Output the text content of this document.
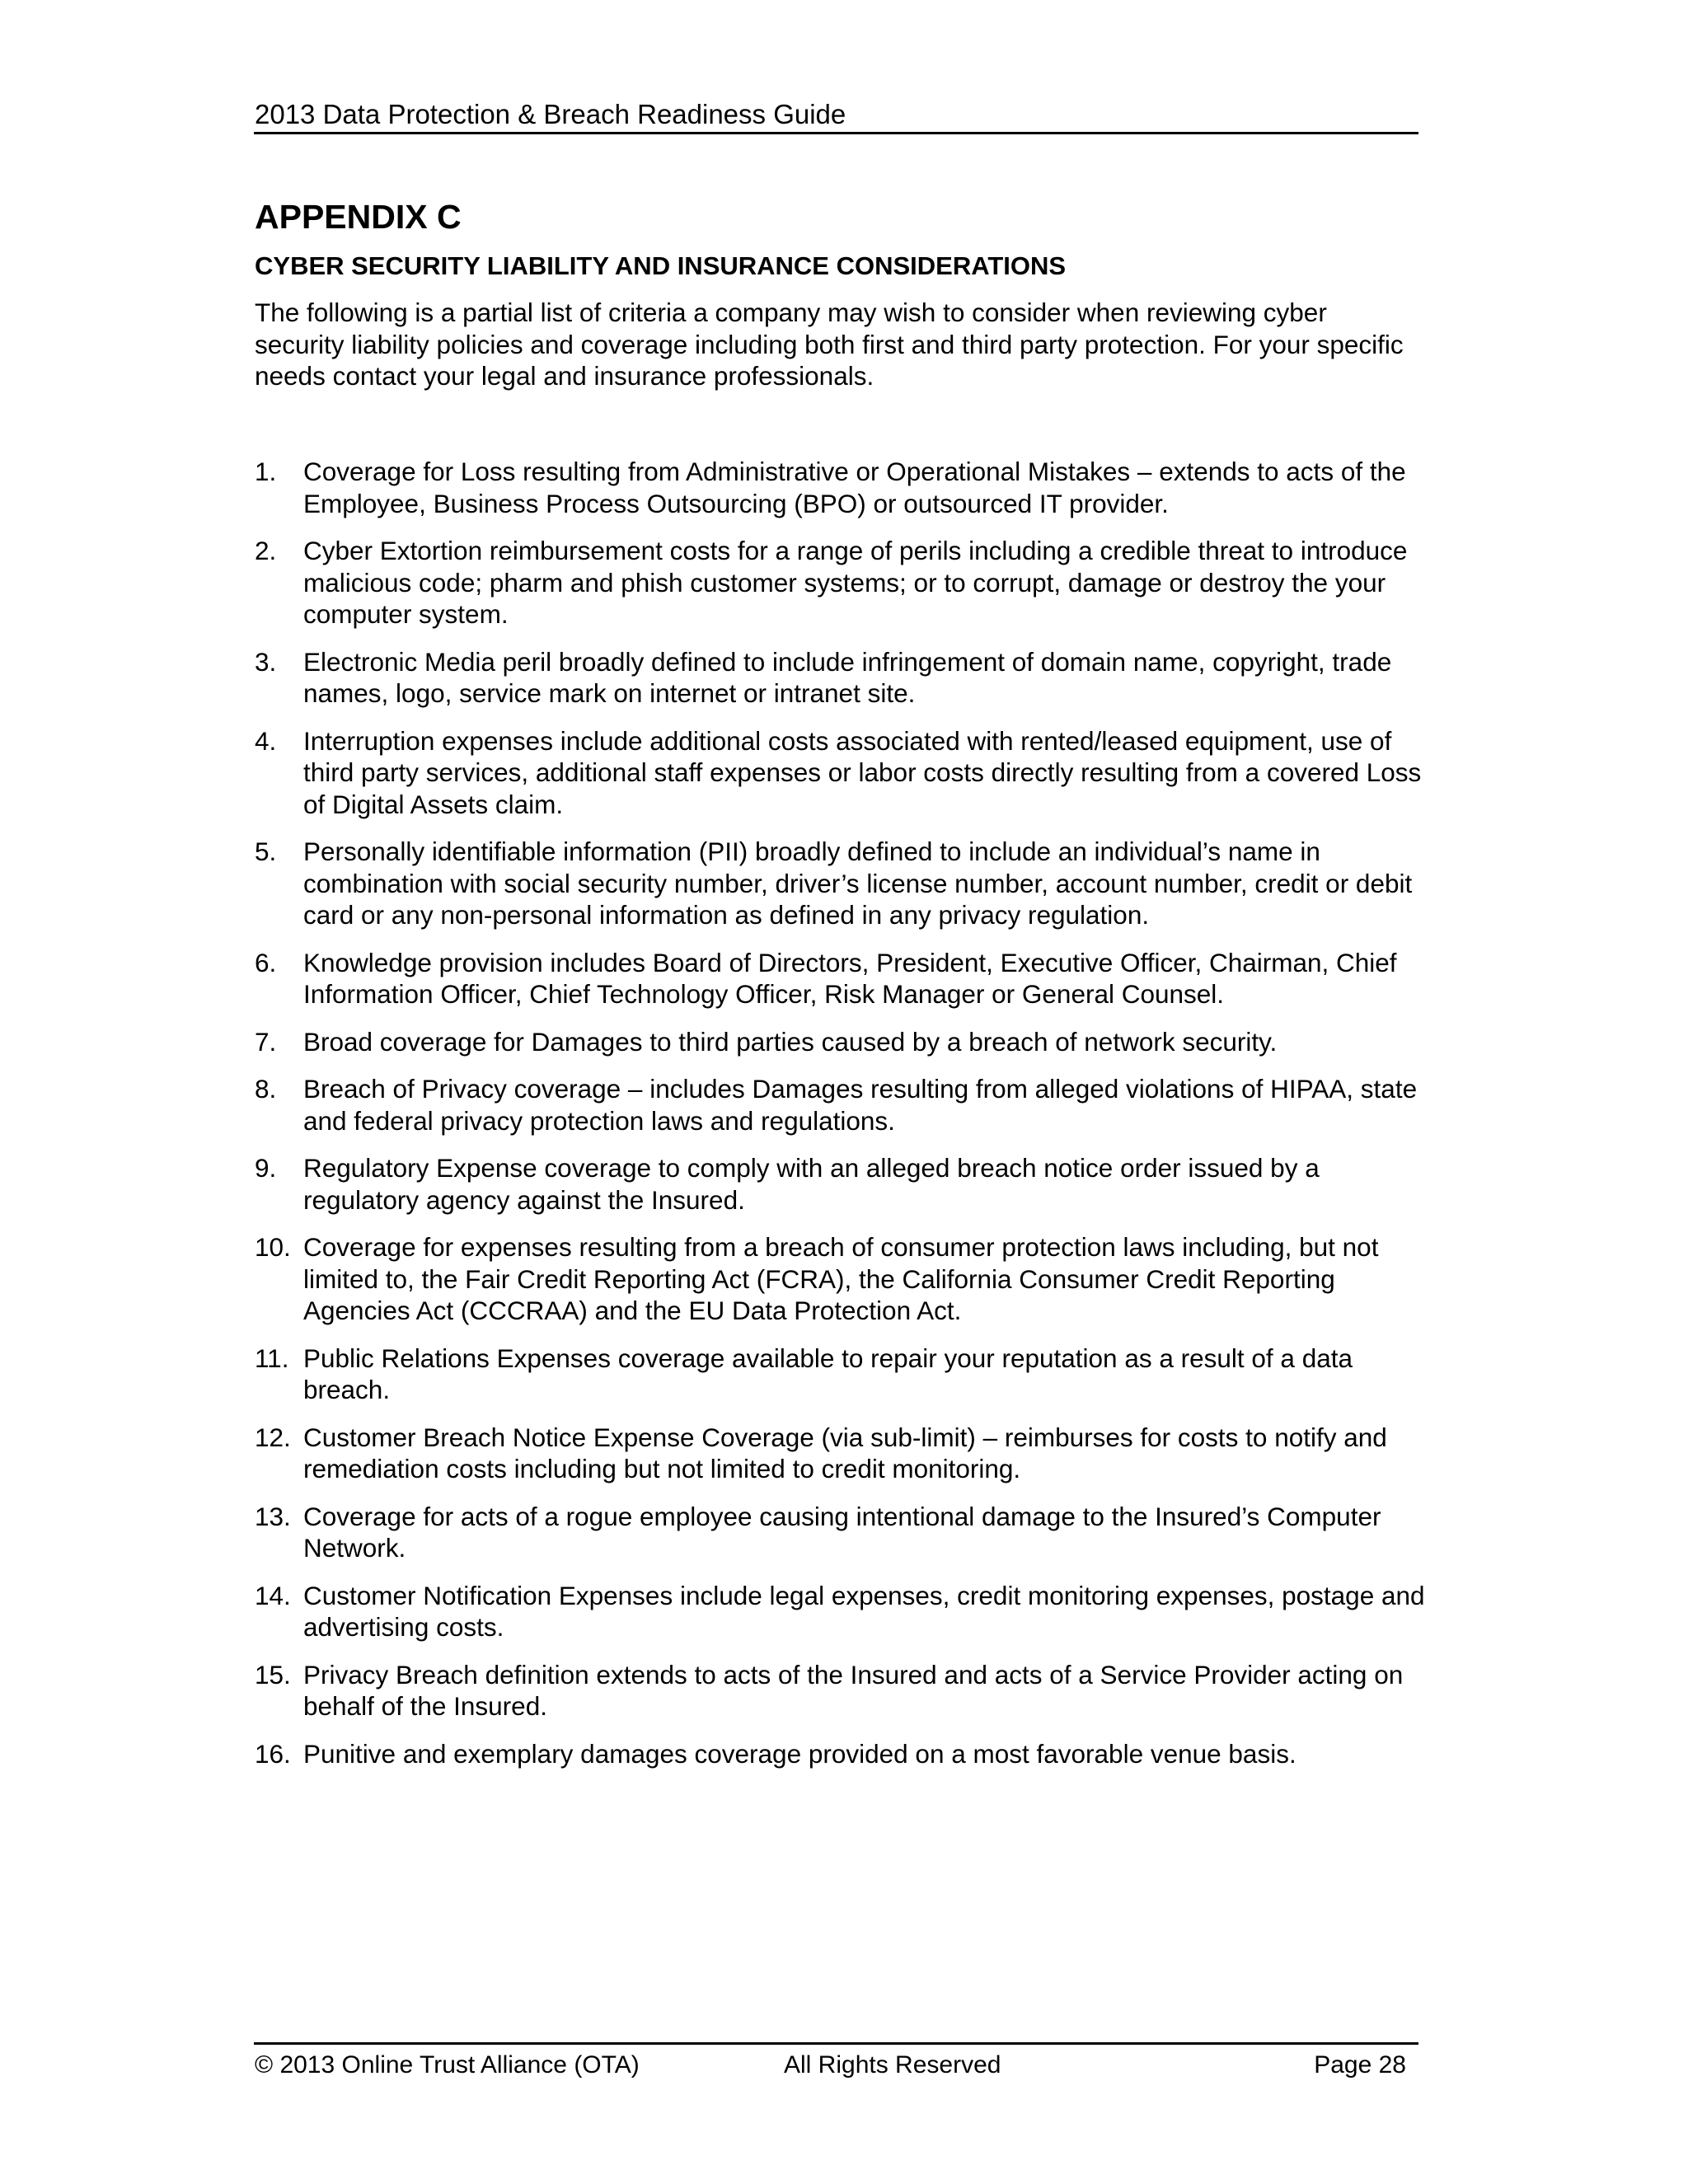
2013 Data Protection & Breach Readiness Guide
APPENDIX C
CYBER SECURITY LIABILITY AND INSURANCE CONSIDERATIONS

The following is a partial list of criteria a company may wish to consider when reviewing cyber security liability policies and coverage including both first and third party protection. For your specific needs contact your legal and insurance professionals.

1. Coverage for Loss resulting from Administrative or Operational Mistakes – extends to acts of the Employee, Business Process Outsourcing (BPO) or outsourced IT provider.
2. Cyber Extortion reimbursement costs for a range of perils including a credible threat to introduce malicious code; pharm and phish customer systems; or to corrupt, damage or destroy the your computer system.
3. Electronic Media peril broadly defined to include infringement of domain name, copyright, trade names, logo, service mark on internet or intranet site.
4. Interruption expenses include additional costs associated with rented/leased equipment, use of third party services, additional staff expenses or labor costs directly resulting from a covered Loss of Digital Assets claim.
5. Personally identifiable information (PII) broadly defined to include an individual’s name in combination with social security number, driver’s license number, account number, credit or debit card or any non-personal information as defined in any privacy regulation.
6. Knowledge provision includes Board of Directors, President, Executive Officer, Chairman, Chief Information Officer, Chief Technology Officer, Risk Manager or General Counsel.
7. Broad coverage for Damages to third parties caused by a breach of network security.
8. Breach of Privacy coverage – includes Damages resulting from alleged violations of HIPAA, state and federal privacy protection laws and regulations.
9. Regulatory Expense coverage to comply with an alleged breach notice order issued by a regulatory agency against the Insured.
10. Coverage for expenses resulting from a breach of consumer protection laws including, but not limited to, the Fair Credit Reporting Act (FCRA), the California Consumer Credit Reporting Agencies Act (CCCRAA) and the EU Data Protection Act.
11. Public Relations Expenses coverage available to repair your reputation as a result of a data breach.
12. Customer Breach Notice Expense Coverage (via sub-limit) – reimburses for costs to notify and remediation costs including but not limited to credit monitoring.
13. Coverage for acts of a rogue employee causing intentional damage to the Insured’s Computer Network.
14. Customer Notification Expenses include legal expenses, credit monitoring expenses, postage and advertising costs.
15. Privacy Breach definition extends to acts of the Insured and acts of a Service Provider acting on behalf of the Insured.
16. Punitive and exemplary damages coverage provided on a most favorable venue basis.
© 2013 Online Trust Alliance (OTA)	All Rights Reserved	Page 28
